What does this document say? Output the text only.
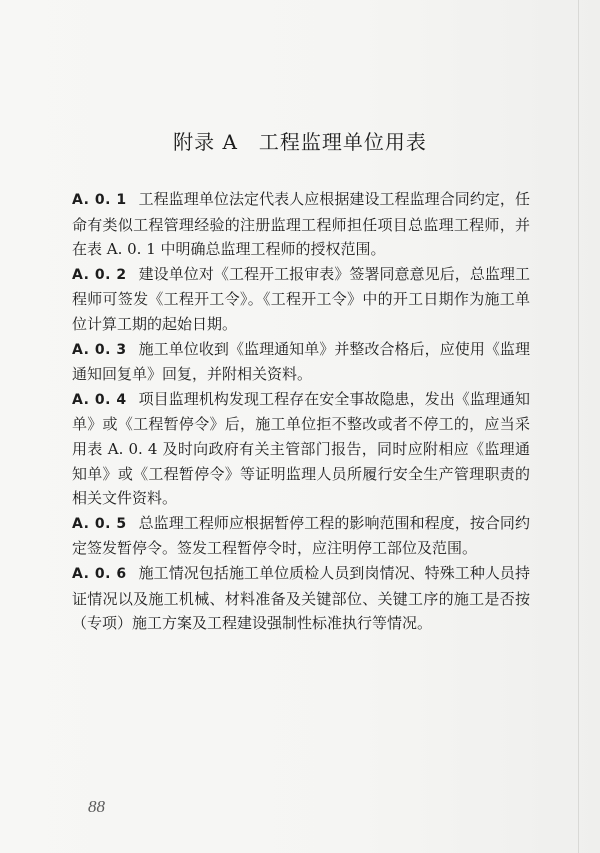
附录 A　工程监理单位用表

A. 0. 1 工程监理单位法定代表人应根据建设工程监理合同约定，任命有类似工程管理经验的注册监理工程师担任项目总监理工程师，并在表 A. 0. 1 中明确总监理工程师的授权范围。

A. 0. 2 建设单位对《工程开工报审表》签署同意意见后，总监理工程师可签发《工程开工令》。《工程开工令》中的开工日期作为施工单位计算工期的起始日期。

A. 0. 3 施工单位收到《监理通知单》并整改合格后，应使用《监理通知回复单》回复，并附相关资料。

A. 0. 4 项目监理机构发现工程存在安全事故隐患，发出《监理通知单》或《工程暂停令》后，施工单位拒不整改或者不停工的，应当采用表 A. 0. 4 及时向政府有关主管部门报告，同时应附相应《监理通知单》或《工程暂停令》等证明监理人员所履行安全生产管理职责的相关文件资料。

A. 0. 5 总监理工程师应根据暂停工程的影响范围和程度，按合同约定签发暂停令。签发工程暂停令时，应注明停工部位及范围。

A. 0. 6 施工情况包括施工单位质检人员到岗情况、特殊工种人员持证情况以及施工机械、材料准备及关键部位、关键工序的施工是否按（专项）施工方案及工程建设强制性标准执行等情况。

88
